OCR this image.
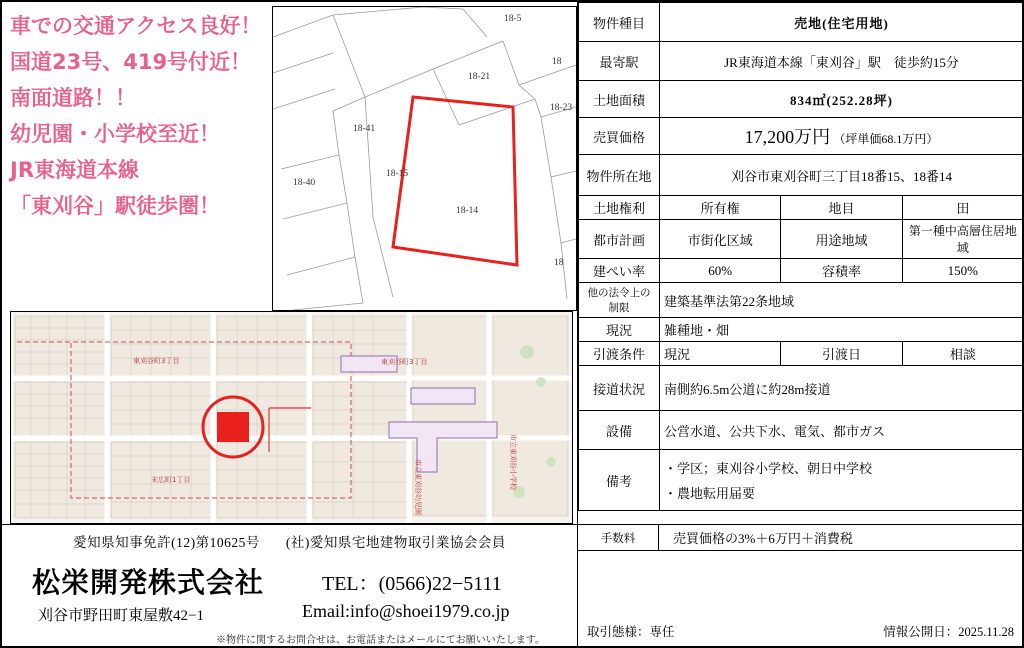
車での交通アクセス良好！
国道23号、419号付近！
南面道路！！
幼児園・小学校至近！
JR東海道本線
「東刈谷」駅徒歩圏！
18-5
18
18-21
18-23
18-41
18-15
18-40
18-14
18
東刈谷町3丁目	東刈谷町3丁目
市立東刈谷小学校
市立東刈谷幼児園
末広町1丁目
愛知県知事免許(12)第10625号 (社)愛知県宅地建物取引業協会会員
松栄開発株式会社
刈谷市野田町東屋敷42−1
TEL：(0566)22−5111
Email:info@shoei1979.co.jp
※物件に関するお問合せは、お電話またはメールにてお願いいたします。
物件種目	売地(住宅用地)		
最寄駅	JR東海道本線「東刈谷」駅　徒歩約15分		
土地面積	834㎡(252.28坪)		
売買価格	17,200万円 （坪単価68.1万円）		
物件所在地	刈谷市東刈谷町三丁目18番15、18番14		
土地権利	所有権	地目	田
都市計画	市街化区域	用途地域	第一種中高層住居地域
建ぺい率	60%	容積率	150%
他の法令上の制限	建築基準法第22条地域		
現況	雑種地・畑		
引渡条件	現況	引渡日	相談
接道状況	南側約6.5m公道に約28m接道		
設備	公営水道、公共下水、電気、都市ガス		
備考	・学区；東刈谷小学校、朝日中学校
・農地転用届要		
手数料	売買価格の3%＋6万円＋消費税
取引態様：専任	情報公開日：2025.11.28
